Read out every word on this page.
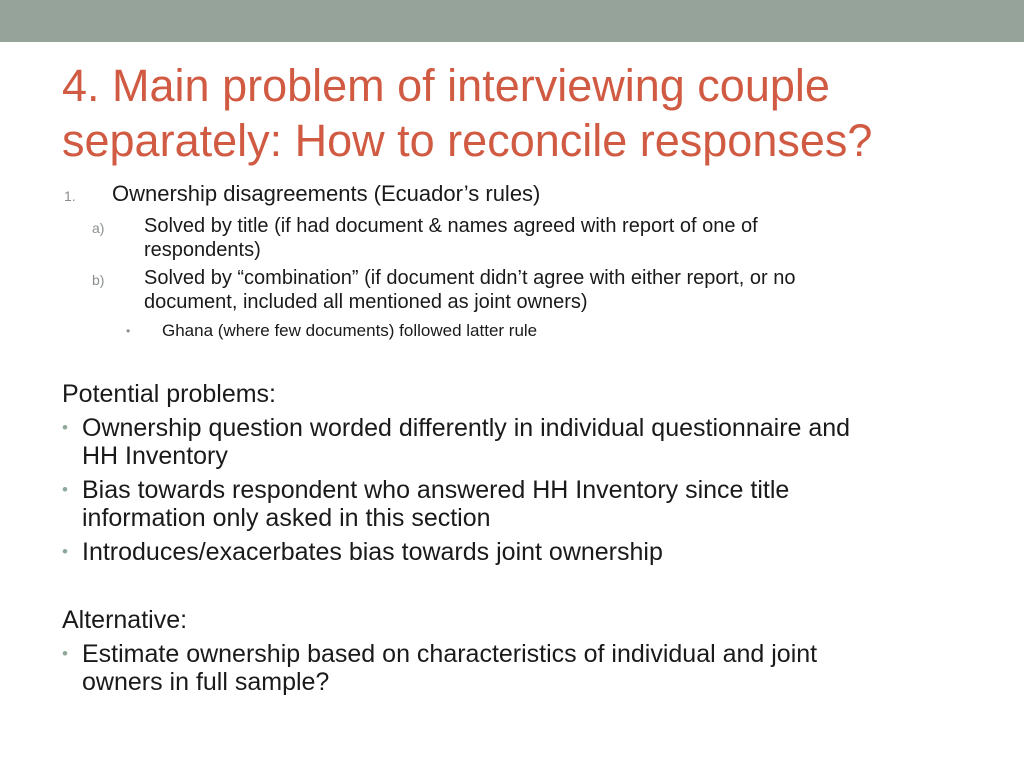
4. Main problem of interviewing couple
separately: How to reconcile responses?
1. Ownership disagreements (Ecuador’s rules)
a) Solved by title (if had document & names agreed with report of one of
respondents)
b) Solved by “combination” (if document didn’t agree with either report, or no
document, included all mentioned as joint owners)
• Ghana (where few documents) followed latter rule
Potential problems:
• Ownership question worded differently in individual questionnaire and
HH Inventory
• Bias towards respondent who answered HH Inventory since title
information only asked in this section
• Introduces/exacerbates bias towards joint ownership
Alternative:
• Estimate ownership based on characteristics of individual and joint
owners in full sample?
